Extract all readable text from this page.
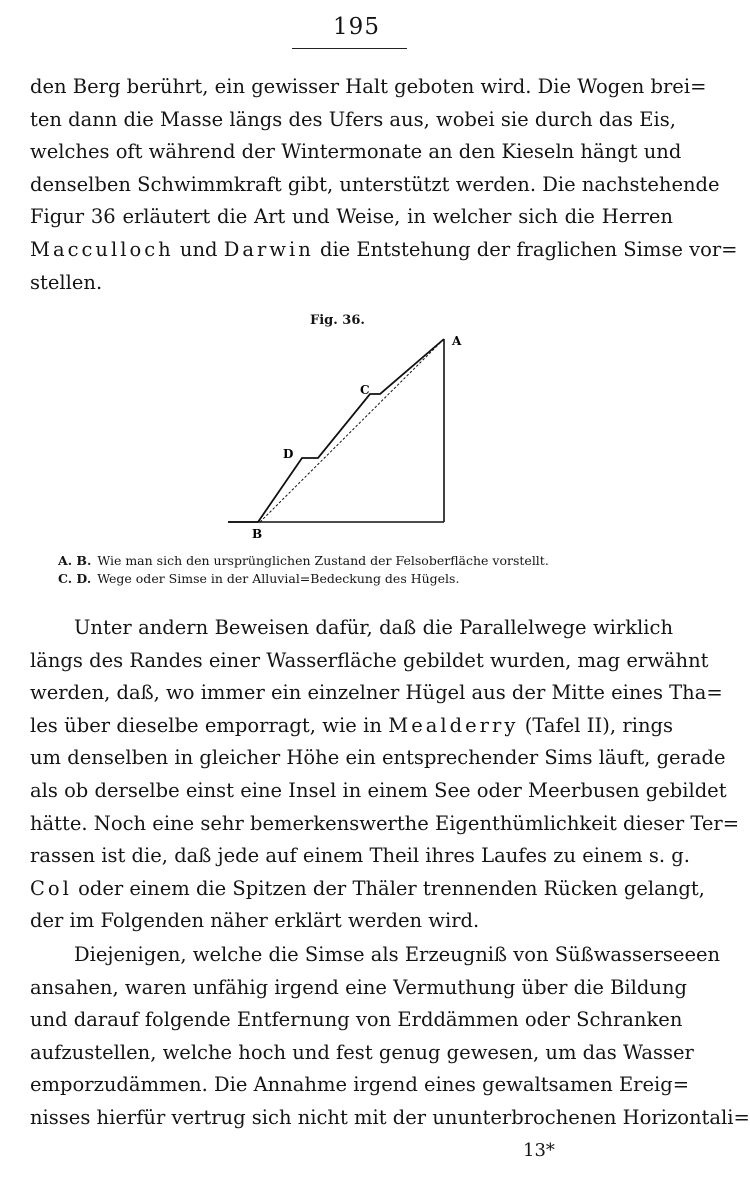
195
den Berg berührt, ein gewisser Halt geboten wird. Die Wogen brei=
ten dann die Masse längs des Ufers aus, wobei sie durch das Eis,
welches oft während der Wintermonate an den Kieseln hängt und
denselben Schwimmkraft gibt, unterstützt werden. Die nachstehende
Figur 36 erläutert die Art und Weise, in welcher sich die Herren
Macculloch und Darwin die Entstehung der fraglichen Simse vor=
stellen.
Fig. 36.
A
B
C
D
A. B. Wie man sich den ursprünglichen Zustand der Felsoberfläche vorstellt.
C. D. Wege oder Simse in der Alluvial=Bedeckung des Hügels.
Unter andern Beweisen dafür, daß die Parallelwege wirklich
längs des Randes einer Wasserfläche gebildet wurden, mag erwähnt
werden, daß, wo immer ein einzelner Hügel aus der Mitte eines Tha=
les über dieselbe emporragt, wie in Mealderry (Tafel II), rings
um denselben in gleicher Höhe ein entsprechender Sims läuft, gerade
als ob derselbe einst eine Insel in einem See oder Meerbusen gebildet
hätte. Noch eine sehr bemerkenswerthe Eigenthümlichkeit dieser Ter=
rassen ist die, daß jede auf einem Theil ihres Laufes zu einem s. g.
Col oder einem die Spitzen der Thäler trennenden Rücken gelangt,
der im Folgenden näher erklärt werden wird.
Diejenigen, welche die Simse als Erzeugniß von Süßwasserseeen
ansahen, waren unfähig irgend eine Vermuthung über die Bildung
und darauf folgende Entfernung von Erddämmen oder Schranken
aufzustellen, welche hoch und fest genug gewesen, um das Wasser
emporzudämmen. Die Annahme irgend eines gewaltsamen Ereig=
nisses hierfür vertrug sich nicht mit der ununterbrochenen Horizontali=
13*
